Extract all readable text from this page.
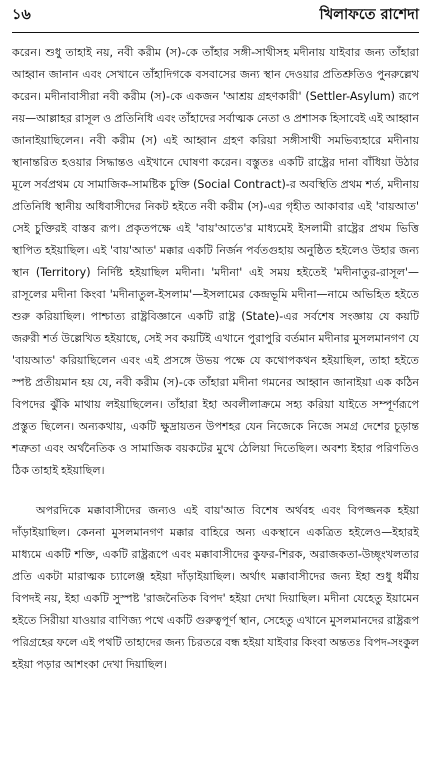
১৬	খিলাফতে রাশেদা

করেন। শুধু তাহাই নয়, নবী করীম (স)-কে তাঁহার সঙ্গী-সাথীসহ মদীনায় যাইবার জন্য তাঁহারা আহ্বান জানান এবং সেখানে তাঁহাদিগকে বসবাসের জন্য স্থান দেওয়ার প্রতিশ্রুতিও পুনরুল্লেখ করেন। মদীনাবাসীরা নবী করীম (স)-কে একজন 'আশ্রয় গ্রহণকারী' (Settler-Asylum) রূপে নয়—আল্লাহর রাসূল ও প্রতিনিধি এবং তাঁহাদের সর্বাত্মক নেতা ও প্রশাসক হিসাবেই এই আহ্বান জানাইয়াছিলেন। নবী করীম (স) এই আহ্বান গ্রহণ করিয়া সঙ্গীসাথী সমভিব্যহারে মদীনায় স্থানান্তরিত হওয়ার সিদ্ধান্তও এইখানে ঘোষণা করেন। বস্তুতঃ একটি রাষ্ট্রের দানা বাঁধিয়া উঠার মূলে সর্বপ্রথম যে সামাজিক-সামষ্টিক চুক্তি (Social Contract)-র অবস্থিতি প্রথম শর্ত, মদীনায় প্রতিনিধি স্থানীয় অধিবাসীদের নিকট হইতে নবী করীম (স)-এর গৃহীত আকাবার এই 'বায়আত' সেই চুক্তিরই বাস্তব রূপ। প্রকৃতপক্ষে এই 'বায়'আতে'র মাধ্যমেই ইসলামী রাষ্ট্রের প্রথম ভিত্তি স্থাপিত হইয়াছিল। এই 'বায়'আত' মক্কার একটি নির্জন পর্বতগুহায় অনুষ্ঠিত হইলেও উহার জন্য স্থান (Territory) নির্দিষ্ট হইয়াছিল মদীনা। 'মদীনা' এই সময় হইতেই 'মদীনাতুর-রাসূল'—রাসূলের মদীনা কিংবা 'মদীনাতুল-ইসলাম'—ইসলামের কেন্দ্রভূমি মদীনা—নামে অভিহিত হইতে শুরু করিয়াছিল। পাশ্চাত্য রাষ্ট্রবিজ্ঞানে একটি রাষ্ট্র (State)-এর সর্বশেষ সংজ্ঞায় যে কয়টি জরুরী শর্ত উল্লেখিত হইয়াছে, সেই সব কয়টিই এখানে পুরাপুরি বর্তমান মদীনার মুসলমানগণ যে 'বায়আত' করিয়াছিলেন এবং এই প্রসঙ্গে উভয় পক্ষে যে কথোপকথন হইয়াছিল, তাহা হইতে স্পষ্ট প্রতীয়মান হয় যে, নবী করীম (স)-কে তাঁহারা মদীনা গমনের আহ্বান জানাইয়া এক কঠিন বিপদের ঝুঁকি মাথায় লইয়াছিলেন। তাঁহারা ইহা অবলীলাক্রমে সহ্য করিয়া যাইতে সম্পূর্ণরূপে প্রস্তুত ছিলেন। অন্যকথায়, একটি ক্ষুদ্রায়তন উপশহর যেন নিজেকে নিজে সমগ্র দেশের চূড়ান্ত শত্রুতা এবং অর্থনৈতিক ও সামাজিক বয়কটের মুখে ঠেলিয়া দিতেছিল। অবশ্য ইহার পরিণতিও ঠিক তাহাই হইয়াছিল।

অপরদিকে মক্কাবাসীদের জন্যও এই বায়'আত বিশেষ অর্থবহ এবং বিপজ্জনক হইয়া দাঁড়াইয়াছিল। কেননা মুসলমানগণ মক্কার বাহিরে অন্য একস্থানে একত্রিত হইলেও—ইহারই মাধ্যমে একটি শক্তি, একটি রাষ্ট্ররূপে এবং মক্কাবাসীদের কুফর-শিরক, অরাজকতা-উচ্ছৃংখলতার প্রতি একটা মারাত্মক চ্যালেঞ্জ হইয়া দাঁড়াইয়াছিল। অর্থাৎ মক্কাবাসীদের জন্য ইহা শুধু ধর্মীয় বিপদই নয়, ইহা একটি সুস্পষ্ট 'রাজনৈতিক বিপদ' হইয়া দেখা দিয়াছিল। মদীনা যেহেতু ইয়ামেন হইতে সিরীয়া যাওয়ার বাণিজ্য পথে একটি গুরুত্বপূর্ণ স্থান, সেহেতু এখানে মুসলমানদের রাষ্ট্ররূপ পরিগ্রহের ফলে এই পথটি তাহাদের জন্য চিরতরে বন্ধ হইয়া যাইবার কিংবা অন্ততঃ বিপদ-সংকুল হইয়া পড়ার আশংকা দেখা দিয়াছিল।
